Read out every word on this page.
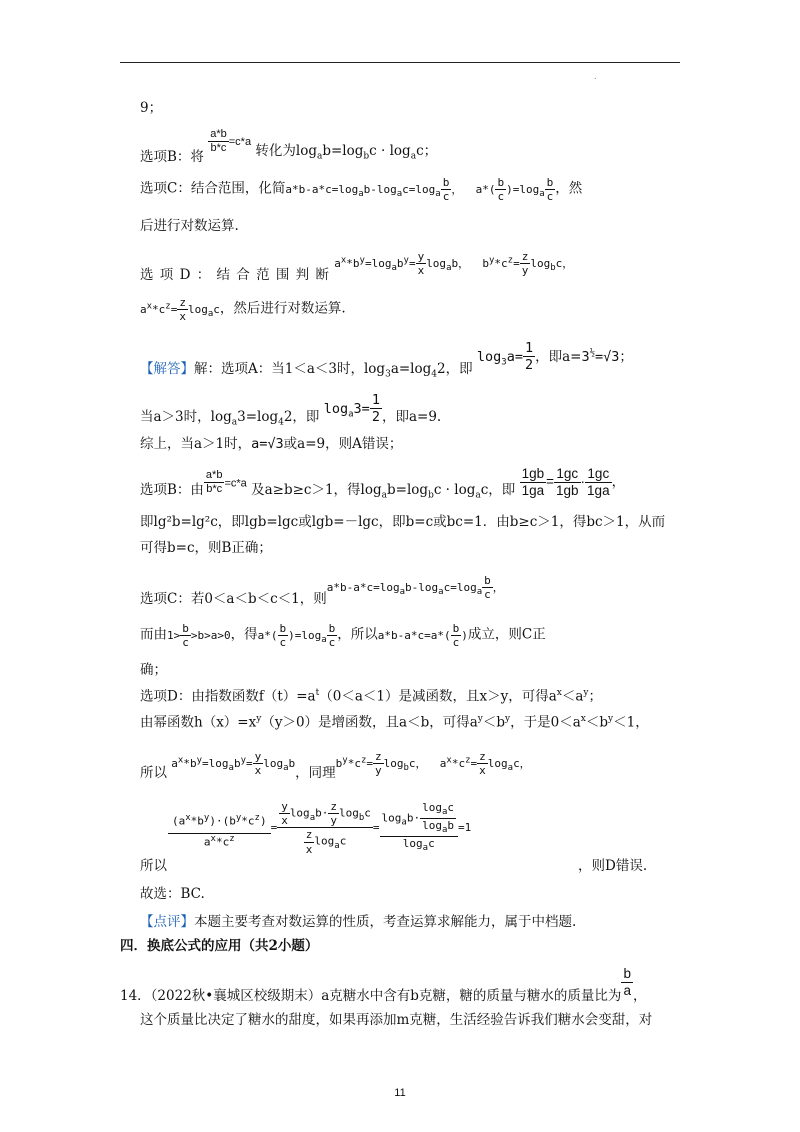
.
9；
选项B：将
$\frac{a*b}{b*c} =c*a$ 转化为$\log_ab=\log_bc \cdot \log_ac$；
选项C：结合范围，化简$a*b-a*c=\log_ab-\log_ac=\log_a \frac{b}{c}$ ，  $a*( \frac{b}{c} )=\log_a \frac{b}{c}$ ，然
后进行对数运算.
选 项 D ： 结 合 范 围 判 断 $a^x*b^y=\log_ab^y= \frac{y}{x} \log_ab$，  $b^y*c^z= \frac{z}{y} \log_bc$，
$a^x*c^z= \frac{z}{x} \log_ac$，然后进行对数运算.
【解答】解：选项A：当1＜a＜3时，$\log_3a=\log_42$，即 $\log_3a= \frac{1}{2}$ ，即$a=3^{\frac{1}{2}}=√3$；
当a＞3时，$\log_a3=\log_42$，即 $\log_a3= \frac{1}{2}$ ，即a=9.
综上，当a＞1时，a=√3或a=9，则A错误；
选项B：由 $\frac{a*b}{b*c} =c*a$ 及a≥b≥c＞1，得$\log_ab=\log_bc \cdot \log_ac$，即 $\frac{1gb}{1ga} = \frac{1gc}{1gb} \cdot \frac{1gc}{1ga}$ ，
即lg²b=lg²c，即lgb=lgc或lgb=－lgc，即b=c或bc=1．由b≥c＞1，得bc＞1，从而
可得b=c，则B正确；
选项C：若0＜a＜b＜c＜1，则$a*b-a*c=\log_ab-\log_ac=\log_a \frac{b}{c}$ ，
而由$1> \frac{b}{c} >b>a>0$，得$a*( \frac{b}{c} )=\log_a \frac{b}{c}$ ，所以$a*b-a*c=a*( \frac{b}{c}$ )成立，则C正
确；
选项D：由指数函数$f(t)=a^t(0<a<1)$是减函数，且x＞y，可得$a^x<a^y$；
由幂函数$h(x)=x^y(y>0)$是增函数，且a＜b，可得$a^y<b^y$，于是$0<a^x<b^y<1$，
所以 $a^x*b^y=\log_ab^y= \frac{y}{x} \log_ab$，同理$b^y*c^z= \frac{z}{y} \log_bc$，  $a^x*c^z= \frac{z}{x} \log_ac$，
所以
$\frac{(a^x*b^y)\cdot(b^y*c^z)}{a^x*c^z} = \frac{\frac{y}{x} \log_ab\cdot \frac{z}{y} \log_bc}{\frac{z}{x} \log_ac} = \frac{\log_ab\cdot \frac{\log_ac}{\log_ab}}{\log_ac} =1$
，则D错误.
故选：BC.
【点评】本题主要考查对数运算的性质，考查运算求解能力，属于中档题.
四．换底公式的应用（共2小题）
14．（2022秋•襄城区校级期末）a克糖水中含有b克糖，糖的质量与糖水的质量比为 $\frac{b}{a}$ ，
这个质量比决定了糖水的甜度，如果再添加m克糖，生活经验告诉我们糖水会变甜，对
11
